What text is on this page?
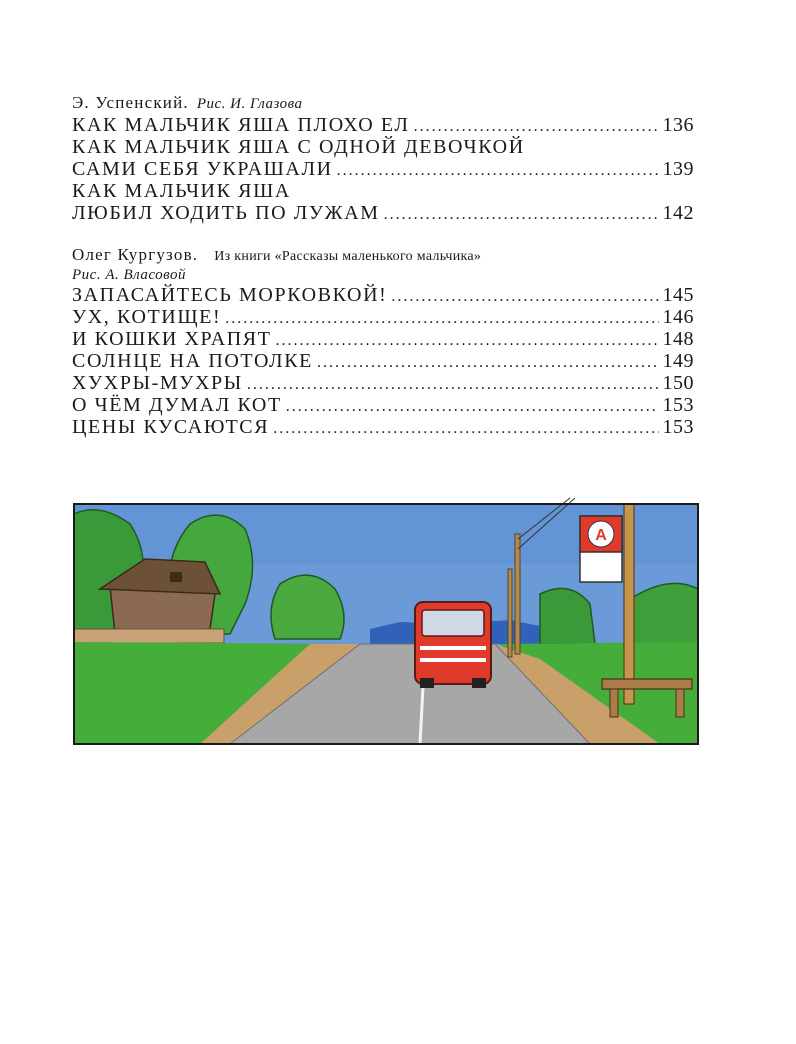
Э. Успенский. Рис. И. Глазова
КАК МАЛЬЧИК ЯША ПЛОХО ЕЛ .....	136
КАК МАЛЬЧИК ЯША С ОДНОЙ ДЕВОЧКОЙ
САМИ СЕБЯ УКРАШАЛИ .....	139
КАК МАЛЬЧИК ЯША
ЛЮБИЛ ХОДИТЬ ПО ЛУЖАМ .....	142
Олег Кургузов. Из книги «Рассказы маленького мальчика»
Рис. А. Власовой
ЗАПАСАЙТЕСЬ МОРКОВКОЙ! .....	145
УХ, КОТИЩЕ! .....	146
И КОШКИ ХРАПЯТ .....	148
СОЛНЦЕ НА ПОТОЛКЕ .....	149
ХУХРЫ-МУХРЫ .....	150
О ЧЁМ ДУМАЛ КОТ .....	153
ЦЕНЫ КУСАЮТСЯ .....	153
А
